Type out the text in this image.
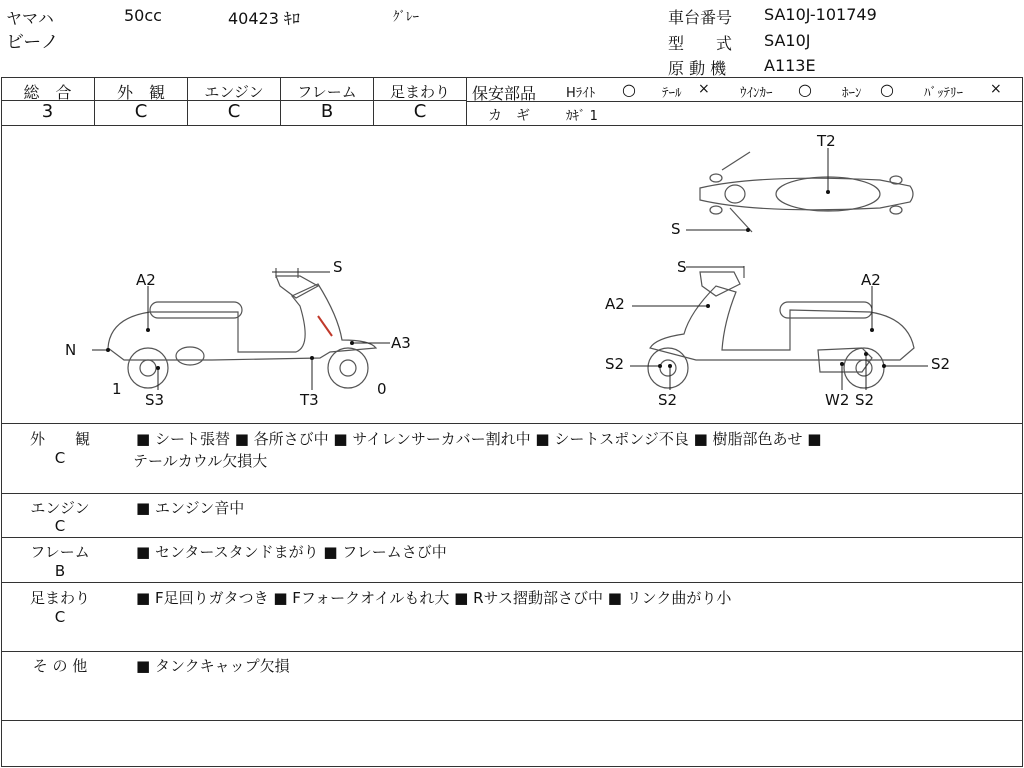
ヤマハ	50cc	40423 ｷﾛ	ｸﾞﾚｰ
ビーノ
車台番号 SA10J-101749
型　　式 SA10J
原 動 機 A113E
総　合
3
外　観
C
エンジン
C
フレーム
B
足まわり
C
保安部品 Hﾗｲﾄ ○ ﾃｰﾙ × ｳｲﾝｶｰ ○ ﾎｰﾝ ○ ﾊﾞｯﾃﾘｰ ×
カ　ギ	ｶｷﾞ 1
T2
S
S
A2
A3
N
1
S3	T3
0
S
A2
A2
S2
S2	W2 S2
S2
外　　観
C
■ シート張替 ■ 各所さび中 ■ サイレンサーカバー割れ中 ■ シートスポンジ不良 ■ 樹脂部色あせ ■
テールカウル欠損大
エンジン
C
■ エンジン音中
フレーム
B
■ センタースタンドまがり ■ フレームさび中
足まわり
C
■ F足回りガタつき ■ Fフォークオイルもれ大 ■ Rサス摺動部さび中 ■ リンク曲がり小
そ の 他	■ タンクキャップ欠損
